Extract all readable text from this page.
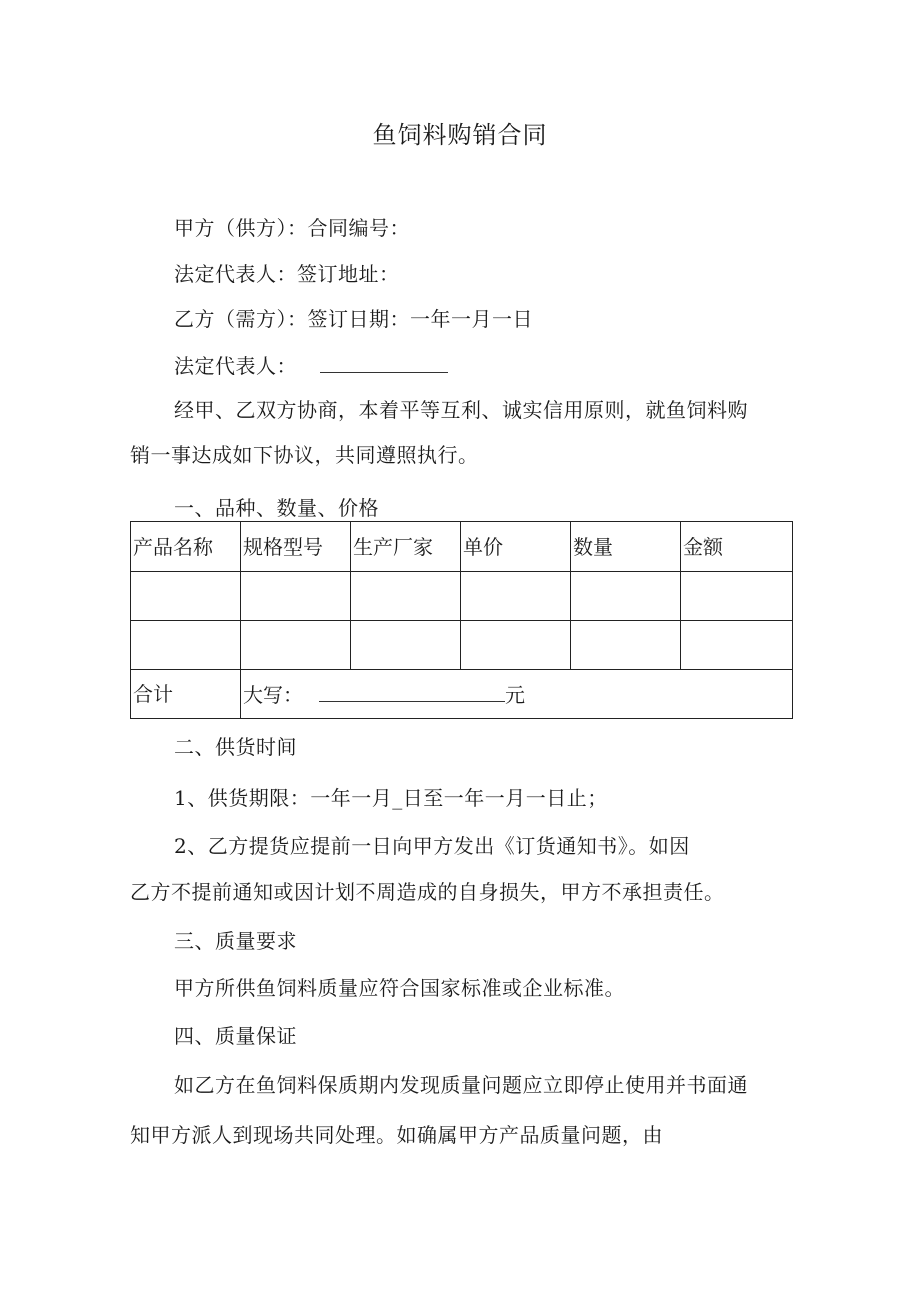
鱼饲料购销合同
甲方（供方）：合同编号：
法定代表人：签订地址：
乙方（需方）：签订日期：一年一月一日
法定代表人：
经甲、乙双方协商，本着平等互利、诚实信用原则，就鱼饲料购
销一事达成如下协议，共同遵照执行。
一、品种、数量、价格
产品名称	规格型号	生产厂家	单价	数量	金额

合计	大写： 元				
二、供货时间
1、供货期限：一年一月_日至一年一月一日止；
2、乙方提货应提前一日向甲方发出《订货通知书》。如因
乙方不提前通知或因计划不周造成的自身损失，甲方不承担责任。
三、质量要求
甲方所供鱼饲料质量应符合国家标准或企业标准。
四、质量保证
如乙方在鱼饲料保质期内发现质量问题应立即停止使用并书面通
知甲方派人到现场共同处理。如确属甲方产品质量问题，由
